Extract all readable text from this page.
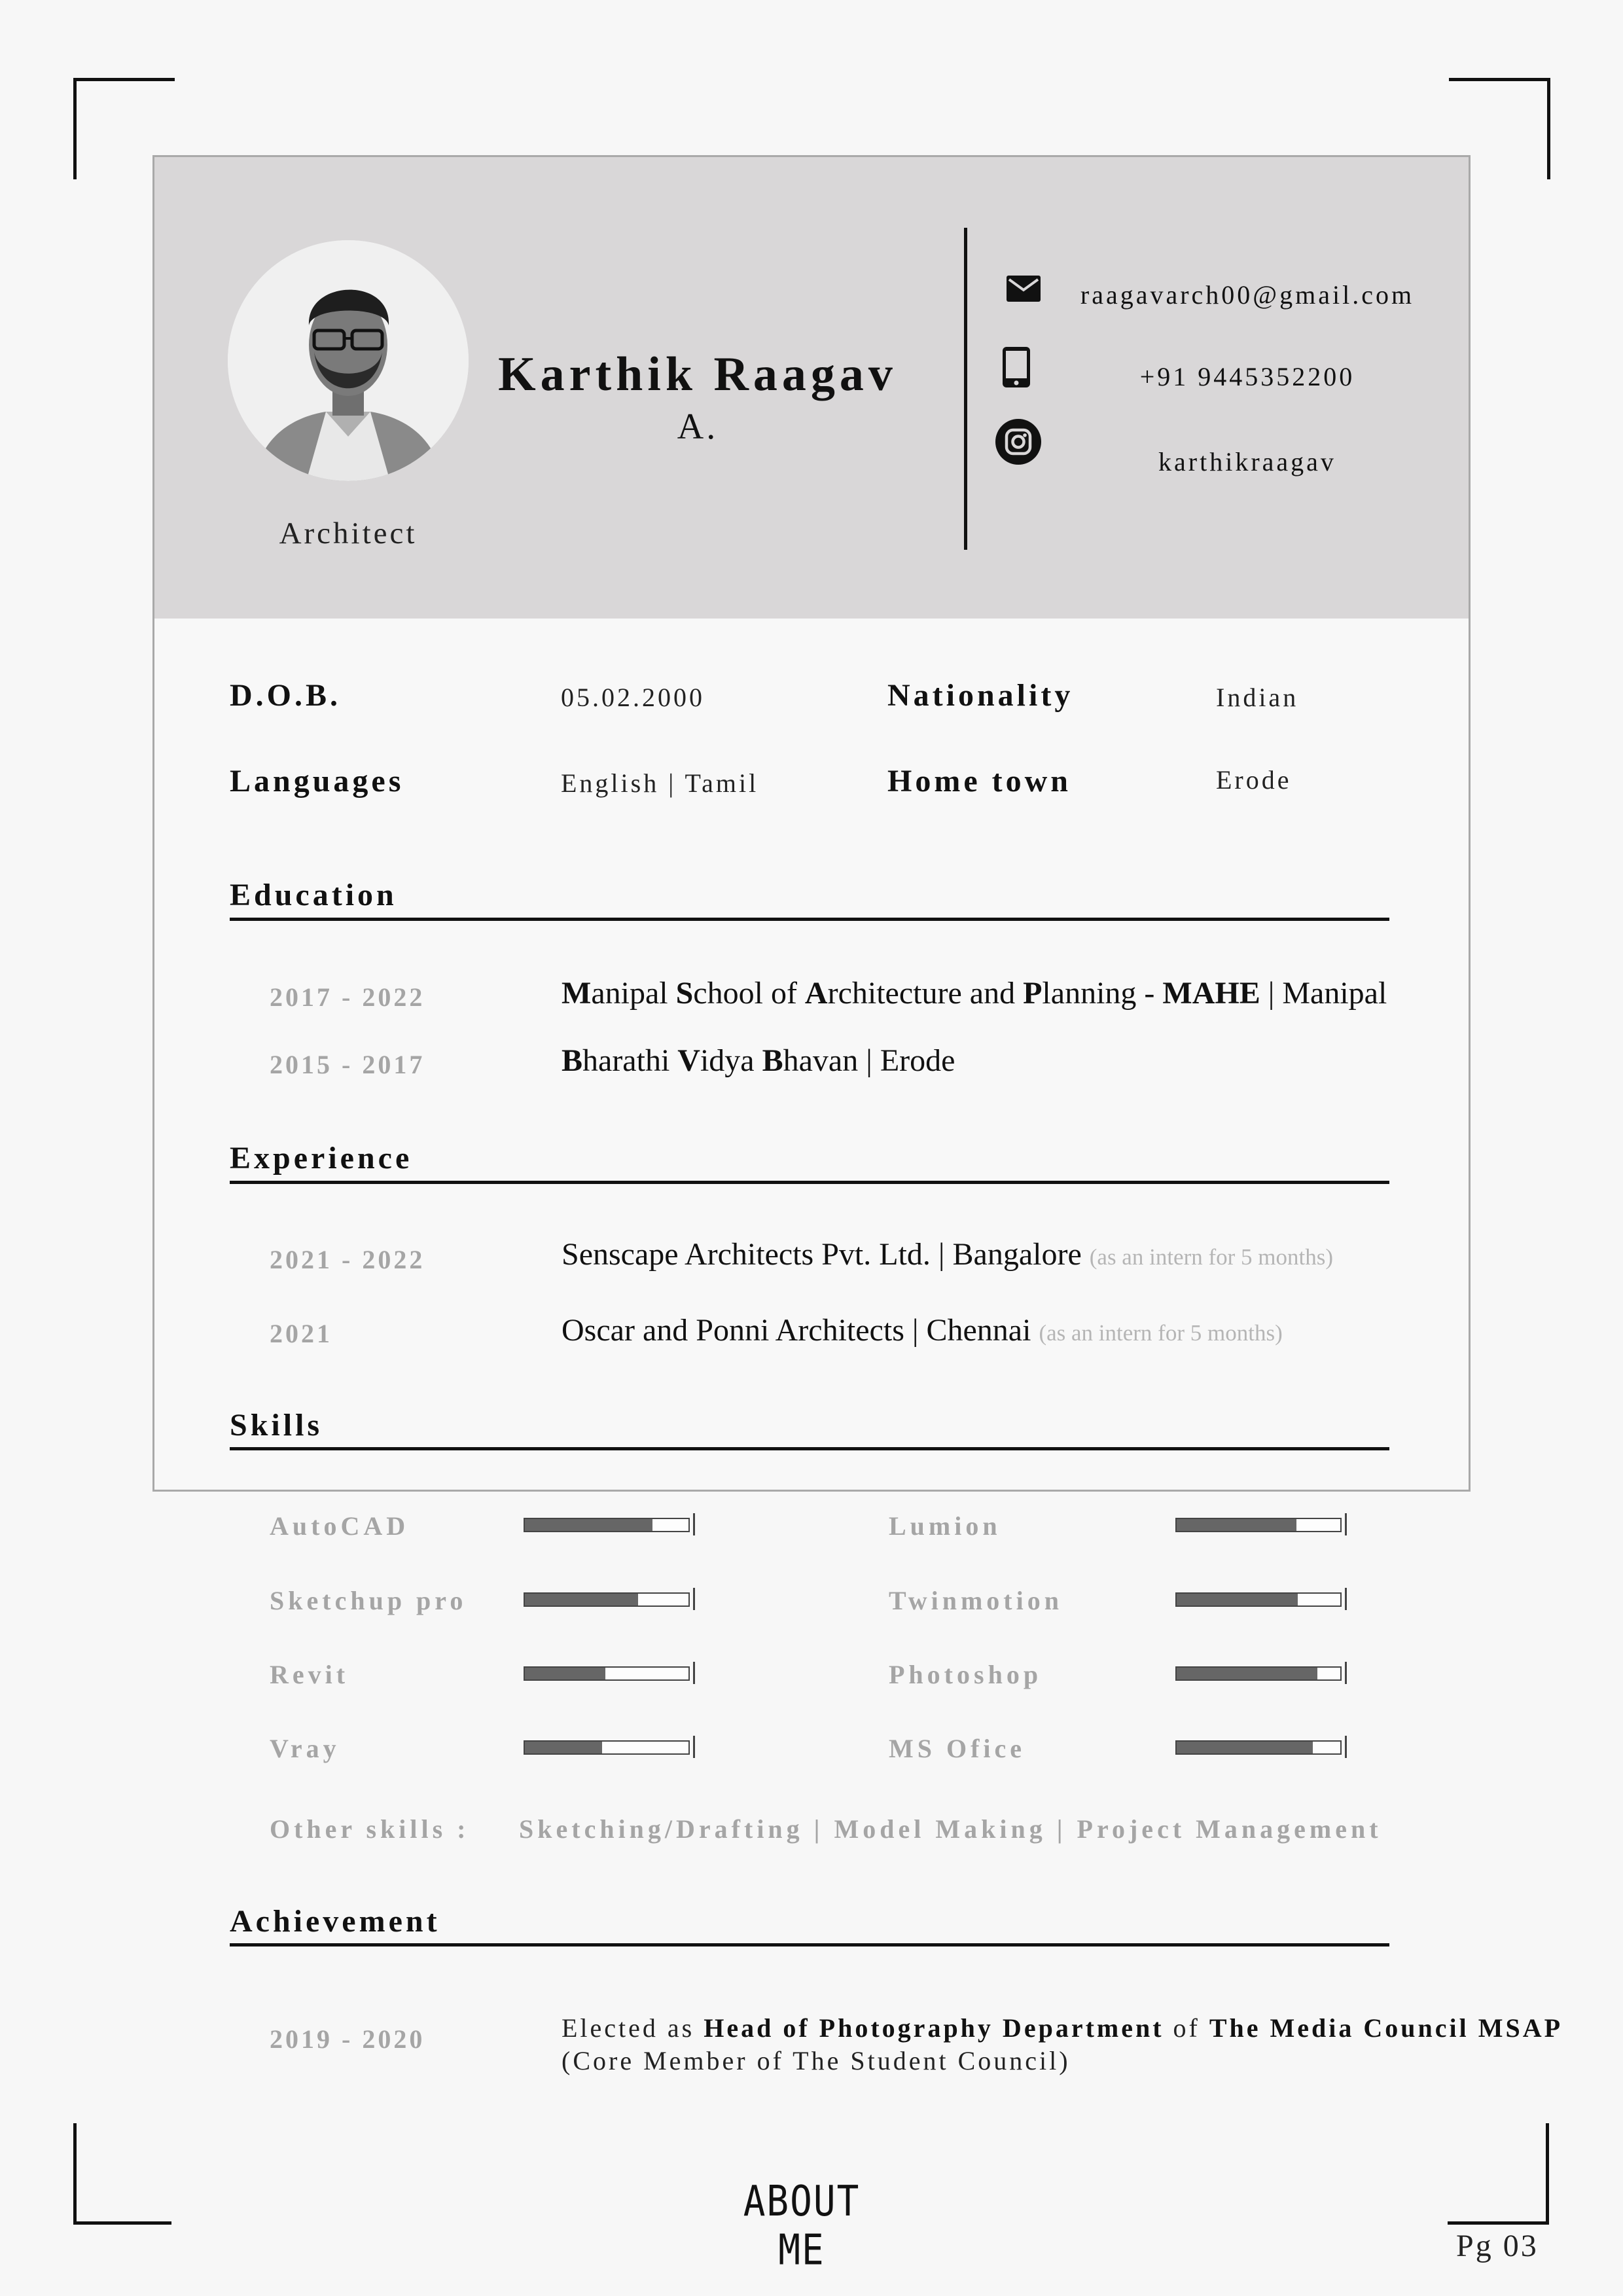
Architect
Karthik Raagav
A.
raagavarch00@gmail.com
+91 9445352200
karthikraagav
D.O.B.	05.02.2000	Nationality	Indian
Languages	English | Tamil	Home town	Erode
Education
2017 - 2022	Manipal School of Architecture and Planning - MAHE | Manipal
2015 - 2017	Bharathi Vidya Bhavan | Erode
Experience
2021 - 2022	Senscape Architects Pvt. Ltd. | Bangalore (as an intern for 5 months)
2021	Oscar and Ponni Architects | Chennai (as an intern for 5 months)
Skills
AutoCAD	Lumion
Sketchup pro	Twinmotion
Revit	Photoshop
Vray	MS Ofice
Other skills : Sketching/Drafting | Model Making | Project Management
Achievement
2019 - 2020	Elected as Head of Photography Department of The Media Council MSAP (Core Member of The Student Council)
ABOUT ME	Pg 03
